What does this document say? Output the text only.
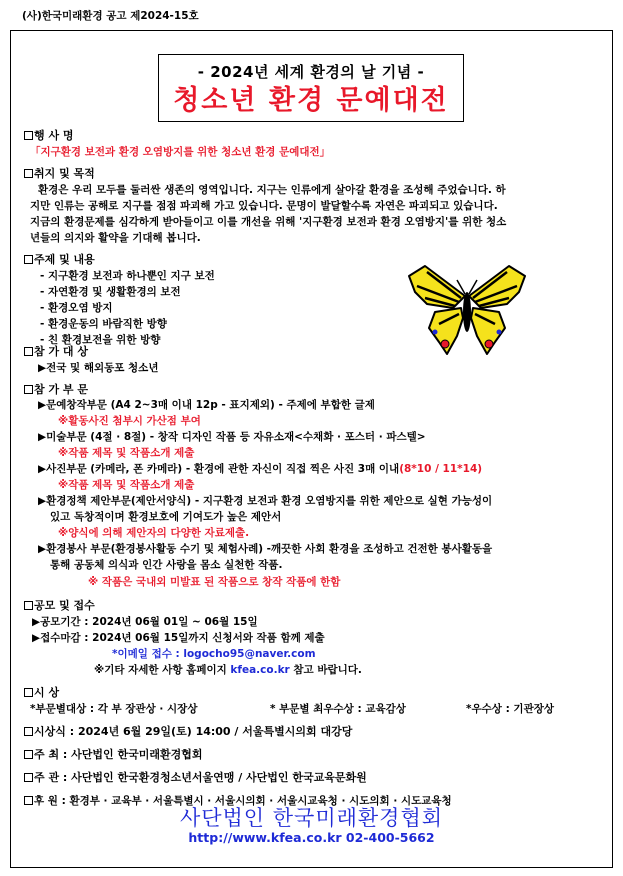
(사)한국미래환경 공고 제2024-15호
- 2024년 세계 환경의 날 기념 -
청소년 환경 문예대전
행 사 명
「지구환경 보전과 환경 오염방지를 위한 청소년 환경 문예대전」
취지 및 목적
환경은 우리 모두를 둘러싼 생존의 영역입니다. 지구는 인류에게 살아갈 환경을 조성해 주었습니다. 하
지만 인류는 공해로 지구를 점점 파괴해 가고 있습니다. 문명이 발달할수록 자연은 파괴되고 있습니다.
지금의 환경문제를 심각하게 받아들이고 이를 개선을 위해 '지구환경 보전과 환경 오염방지'를 위한 청소
년들의 의지와 활약을 기대해 봅니다.
주제 및 내용
- 지구환경 보전과 하나뿐인 지구 보전
- 자연환경 및 생활환경의 보전
- 환경오염 방지
- 환경운동의 바람직한 방향
- 친 환경보전을 위한 방향
참 가 대 상
▶전국 및 해외동포 청소년
참 가 부 문
▶문예창작부문 (A4 2~3매 이내 12p - 표지제외) - 주제에 부합한 글제
※활동사진 첨부시 가산점 부여
▶미술부문 (4절 · 8절) - 창작 디자인 작품 등 자유소재<수채화 · 포스터 · 파스텔>
※작품 제목 및 작품소개 제출
▶사진부문 (카메라, 폰 카메라) - 환경에 관한 자신이 직접 찍은 사진 3매 이내(8*10 / 11*14)
※작품 제목 및 작품소개 제출
▶환경정책 제안부문(제안서양식) - 지구환경 보전과 환경 오염방지를 위한 제안으로 실현 가능성이
있고 독창적이며 환경보호에 기여도가 높은 제안서
※양식에 의해 제안자의 다양한 자료제출.
▶환경봉사 부문(환경봉사활동 수기 및 체험사례) -깨끗한 사회 환경을 조성하고 건전한 봉사활동을
통해 공동체 의식과 인간 사랑을 몸소 실천한 작품.
※ 작품은 국내외 미발표 된 작품으로 창작 작품에 한함
공모 및 접수
▶공모기간 : 2024년 06월 01일 ~ 06월 15일
▶접수마감 : 2024년 06월 15일까지 신청서와 작품 함께 제출
*이메일 접수 : logocho95@naver.com
※기타 자세한 사항 홈페이지 kfea.co.kr 참고 바랍니다.
시 상
*부문별대상 : 각 부 장관상 · 시장상	* 부문별 최우수상 : 교육감상	*우수상 : 기관장상
시상식 : 2024년 6월 29일(토) 14:00 / 서울특별시의회 대강당
주 최 : 사단법인 한국미래환경협회
주 관 : 사단법인 한국환경청소년서울연맹 / 사단법인 한국교육문화원
후 원 : 환경부 · 교육부 · 서울특별시 · 서울시의회 · 서울시교육청 · 시도의회 · 시도교육청
사단법인 한국미래환경협회
http://www.kfea.co.kr 02-400-5662
